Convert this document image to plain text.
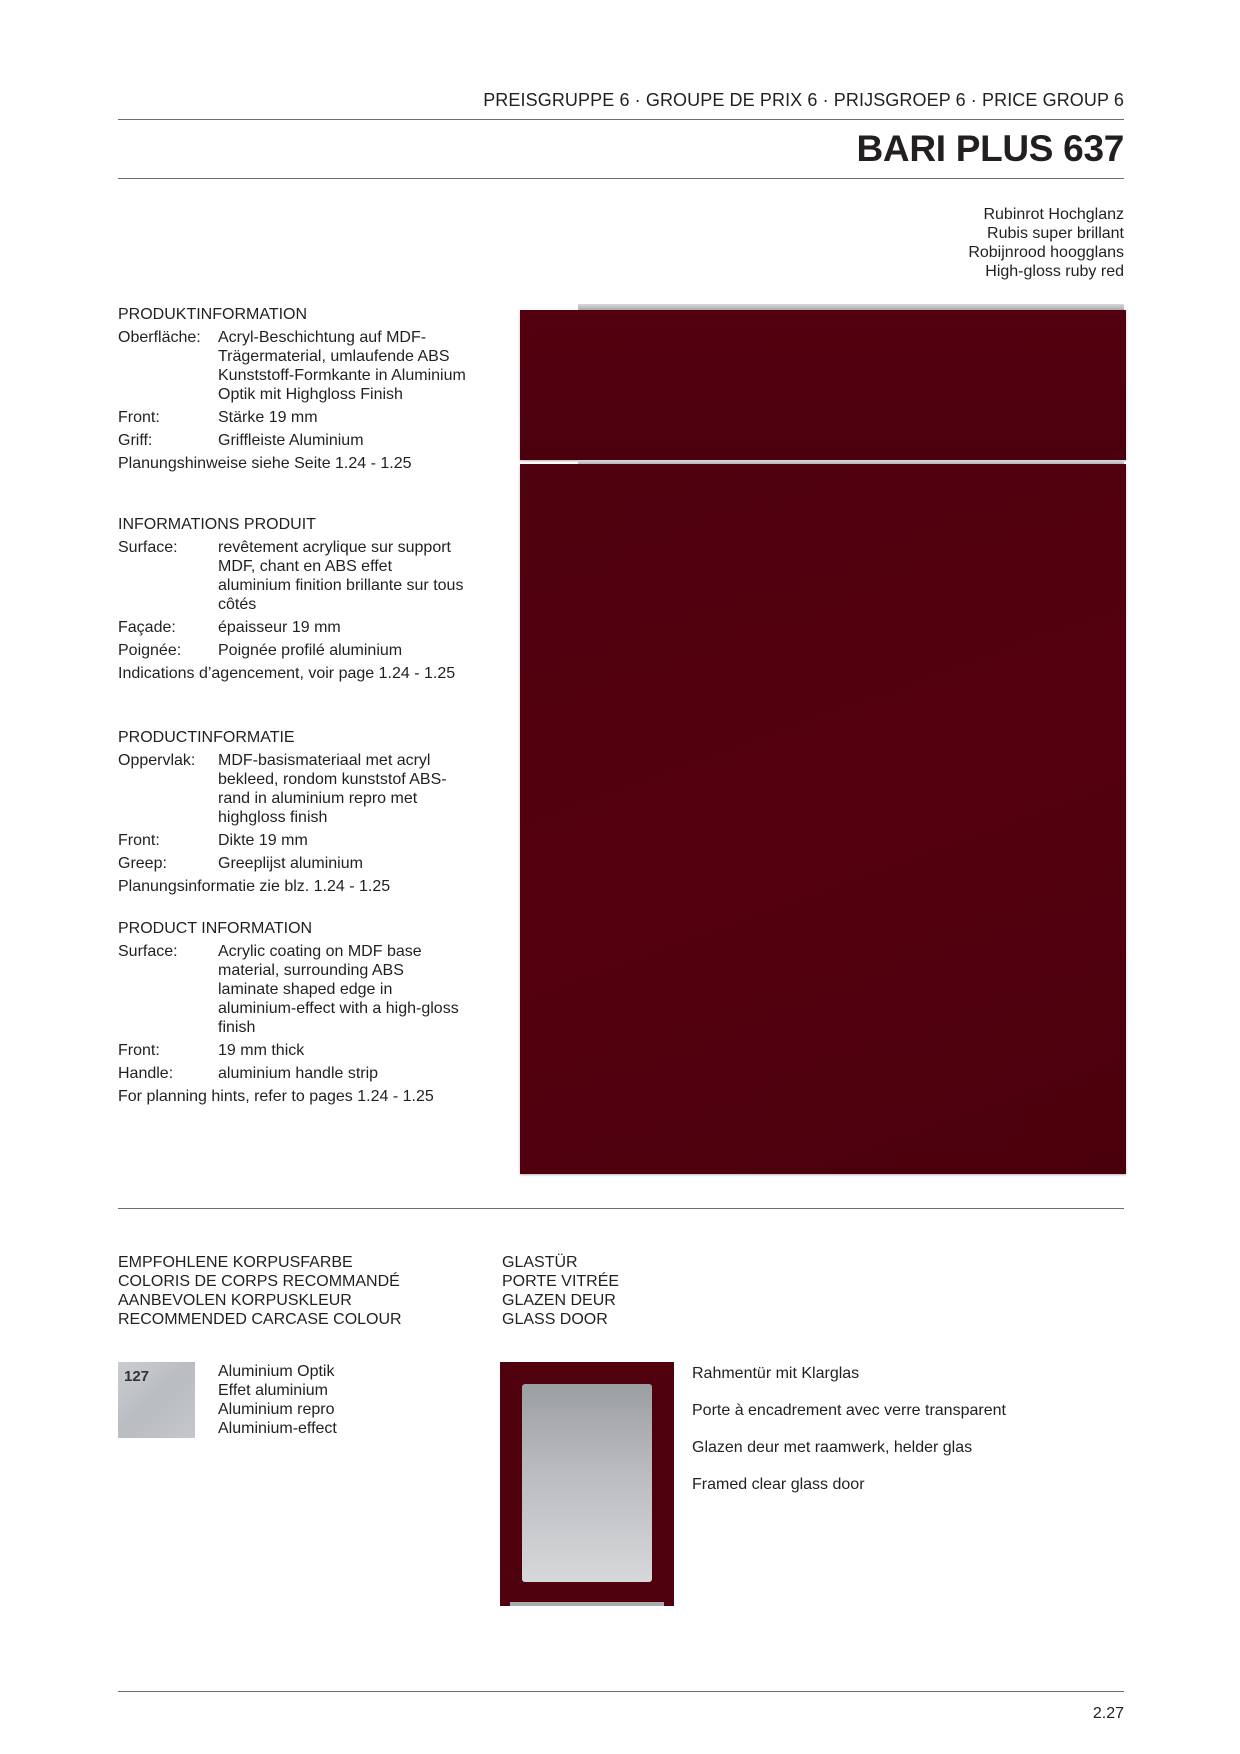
PREISGRUPPE 6 · GROUPE DE PRIX 6 · PRIJSGROEP 6 · PRICE GROUP 6
BARI PLUS 637
Rubinrot Hochglanz
Rubis super brillant
Robijnrood hoogglans
High-gloss ruby red
PRODUKTINFORMATION
Oberfläche:	Acryl-Beschichtung auf MDF-Trägermaterial, umlaufende ABS Kunststoff-Formkante in Aluminium Optik mit Highgloss Finish
Front:	Stärke 19 mm
Griff:	Griffleiste Aluminium
Planungshinweise siehe Seite 1.24 - 1.25
INFORMATIONS PRODUIT
Surface:	revêtement acrylique sur support MDF, chant en ABS effet aluminium finition brillante sur tous côtés
Façade:	épaisseur 19 mm
Poignée:	Poignée profilé aluminium
Indications d’agencement, voir page 1.24 - 1.25
PRODUCTINFORMATIE
Oppervlak:	MDF-basismateriaal met acryl bekleed, rondom kunststof ABS-rand in aluminium repro met highgloss finish
Front:	Dikte 19 mm
Greep:	Greeplijst aluminium
Planungsinformatie zie blz. 1.24 - 1.25
PRODUCT INFORMATION
Surface:	Acrylic coating on MDF base material, surrounding ABS laminate shaped edge in aluminium-effect with a high-gloss finish
Front:	19 mm thick
Handle:	aluminium handle strip
For planning hints, refer to pages 1.24 - 1.25
EMPFOHLENE KORPUSFARBE
COLORIS DE CORPS RECOMMANDÉ
AANBEVOLEN KORPUSKLEUR
RECOMMENDED CARCASE COLOUR
127	Aluminium Optik
Effet aluminium
Aluminium repro
Aluminium-effect
GLASTÜR
PORTE VITRÉE
GLAZEN DEUR
GLASS DOOR
Rahmentür mit Klarglas
Porte à encadrement avec verre transparent
Glazen deur met raamwerk, helder glas
Framed clear glass door
2.27
